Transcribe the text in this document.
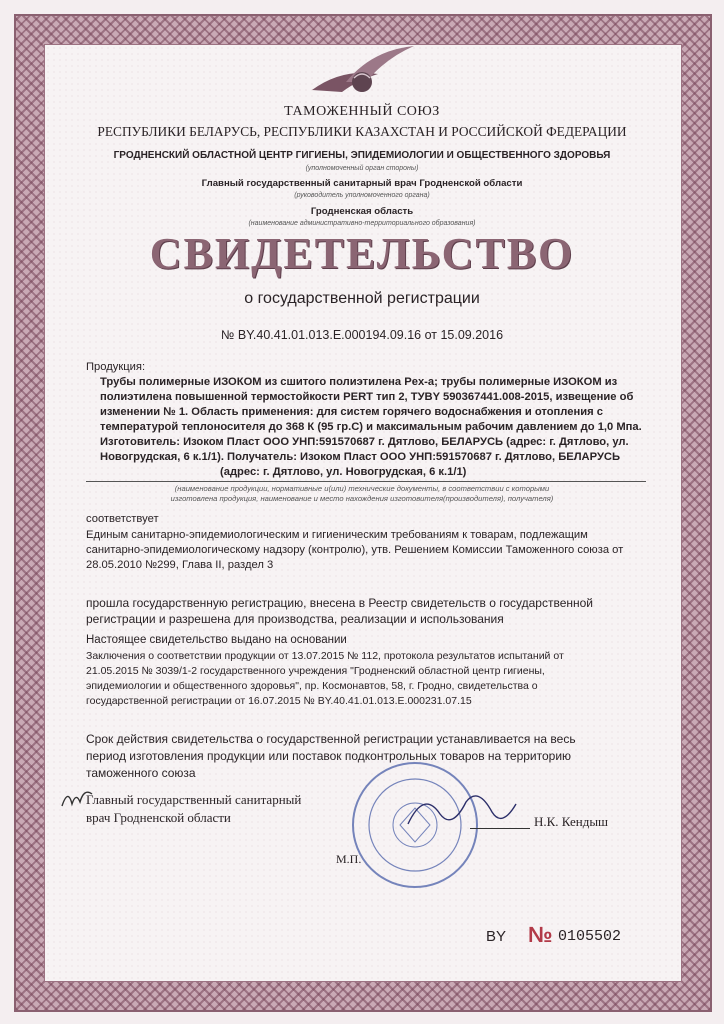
ТАМОЖЕННЫЙ СОЮЗ
РЕСПУБЛИКИ БЕЛАРУСЬ, РЕСПУБЛИКИ КАЗАХСТАН И РОССИЙСКОЙ ФЕДЕРАЦИИ
ГРОДНЕНСКИЙ ОБЛАСТНОЙ ЦЕНТР ГИГИЕНЫ, ЭПИДЕМИОЛОГИИ И ОБЩЕСТВЕННОГО ЗДОРОВЬЯ
(уполномоченный орган стороны)
Главный государственный санитарный врач Гродненской области
(руководитель уполномоченного органа)
Гродненская область
(наименование административно-территориального образования)
СВИДЕТЕЛЬСТВО
о государственной регистрации
№ BY.40.41.01.013.E.000194.09.16 от 15.09.2016
Продукция:
Трубы полимерные ИЗОКОМ из сшитого полиэтилена Pex-a; трубы полимерные ИЗОКОМ из
полиэтилена повышенной термостойкости PERT тип 2, ТУBY 590367441.008-2015, извещение об
изменении № 1. Область применения: для систем горячего водоснабжения и отопления с
температурой теплоносителя до 368 К (95 гр.С) и максимальным рабочим давлением до 1,0 Мпа.
Изготовитель: Изоком Пласт ООО УНП:591570687 г. Дятлово, БЕЛАРУСЬ (адрес: г. Дятлово, ул.
Новогрудская, 6 к.1/1). Получатель: Изоком Пласт ООО УНП:591570687 г. Дятлово, БЕЛАРУСЬ
(адрес: г. Дятлово, ул. Новогрудская, 6 к.1/1)
(наименование продукции, нормативные и(или) технические документы, в соответствии с которыми
изготовлена продукция, наименование и место нахождения изготовителя(производителя), получателя)
соответствует
Единым санитарно-эпидемиологическим и гигиеническим требованиям к товарам, подлежащим
санитарно-эпидемиологическому надзору (контролю), утв. Решением Комиссии Таможенного союза от
28.05.2010 №299, Глава II, раздел 3
прошла государственную регистрацию, внесена в Реестр свидетельств о государственной
регистрации и разрешена для производства, реализации и использования
Настоящее свидетельство выдано на основании
Заключения о соответствии продукции от 13.07.2015 № 112, протокола результатов испытаний от
21.05.2015 № 3039/1-2 государственного учреждения "Гродненский областной центр гигиены,
эпидемиологии и общественного здоровья", пр. Космонавтов, 58, г. Гродно, свидетельства о
государственной регистрации от 16.07.2015 № BY.40.41.01.013.E.000231.07.15
Срок действия свидетельства о государственной регистрации устанавливается на весь
период изготовления продукции или поставок подконтрольных товаров на территорию
таможенного союза
Главный государственный санитарный
врач Гродненской области	Н.К. Кендыш
М.П.
BY № 0105502
